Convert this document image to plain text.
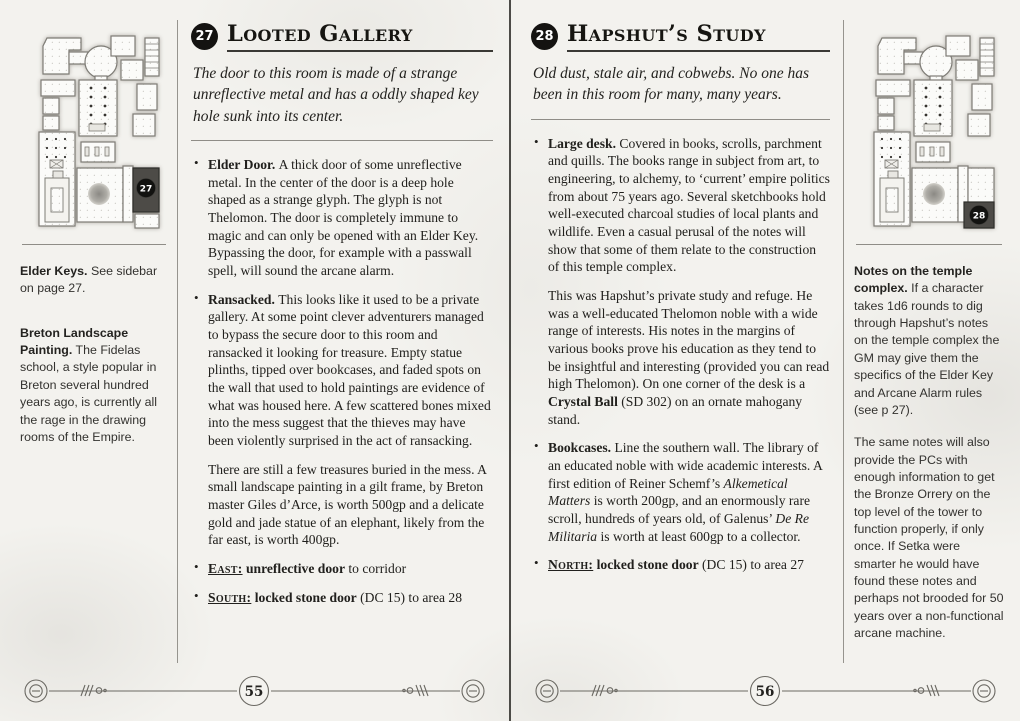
27
Elder Keys. See sidebar on page 27.
Breton Landscape Painting. The Fidelas school, a style popular in Breton several hundred years ago, is currently all the rage in the drawing rooms of the Empire.
27 Looted Gallery
The door to this room is made of a strange unreflective metal and has a oddly shaped key hole sunk into its center.
• Elder Door. A thick door of some unreflective metal. In the center of the door is a deep hole shaped as a strange glyph. The glyph is not Thelomon. The door is completely immune to magic and can only be opened with an Elder Key. Bypassing the door, for example with a passwall spell, will sound the arcane alarm.
• Ransacked. This looks like it used to be a private gallery. At some point clever adventurers managed to bypass the secure door to this room and ransacked it looking for treasure. Empty statue plinths, tipped over bookcases, and faded spots on the wall that used to hold paintings are evidence of what was housed here. A few scattered bones mixed into the mess suggest that the thieves may have been violently surprised in the act of ransacking.
There are still a few treasures buried in the mess. A small landscape painting in a gilt frame, by Breton master Giles d’Arce, is worth 500gp and a delicate gold and jade statue of an elephant, likely from the far east, is worth 400gp.
• East: unreflective door to corridor
• South: locked stone door (DC 15) to area 28
55
28 Hapshut’s Study
Old dust, stale air, and cobwebs. No one has been in this room for many, many years.
• Large desk. Covered in books, scrolls, parchment and quills. The books range in subject from art, to engineering, to alchemy, to ‘current’ empire politics from about 75 years ago. Several sketchbooks hold well-executed charcoal studies of local plants and wildlife. Even a casual perusal of the notes will show that some of them relate to the construction of this temple complex.
This was Hapshut’s private study and refuge. He was a well-educated Thelomon noble with a wide range of interests. His notes in the margins of various books prove his education as they tend to be insightful and interesting (provided you can read high Thelomon). On one corner of the desk is a Crystal Ball (SD 302) on an ornate mahogany stand.
• Bookcases. Line the southern wall. The library of an educated noble with wide academic interests. A first edition of Reiner Schemf’s Alkemetical Matters is worth 200gp, and an enormously rare scroll, hundreds of years old, of Galenus’ De Re Militaria is worth at least 600gp to a collector.
• North: locked stone door (DC 15) to area 27
28
Notes on the temple complex. If a character takes 1d6 rounds to dig through Hapshut’s notes on the temple complex the GM may give them the specifics of the Elder Key and Arcane Alarm rules (see p 27).
The same notes will also provide the PCs with enough information to get the Bronze Orrery on the top level of the tower to function properly, if only once. If Setka were smarter he would have found these notes and perhaps not brooded for 50 years over a non-functional arcane machine.
56
